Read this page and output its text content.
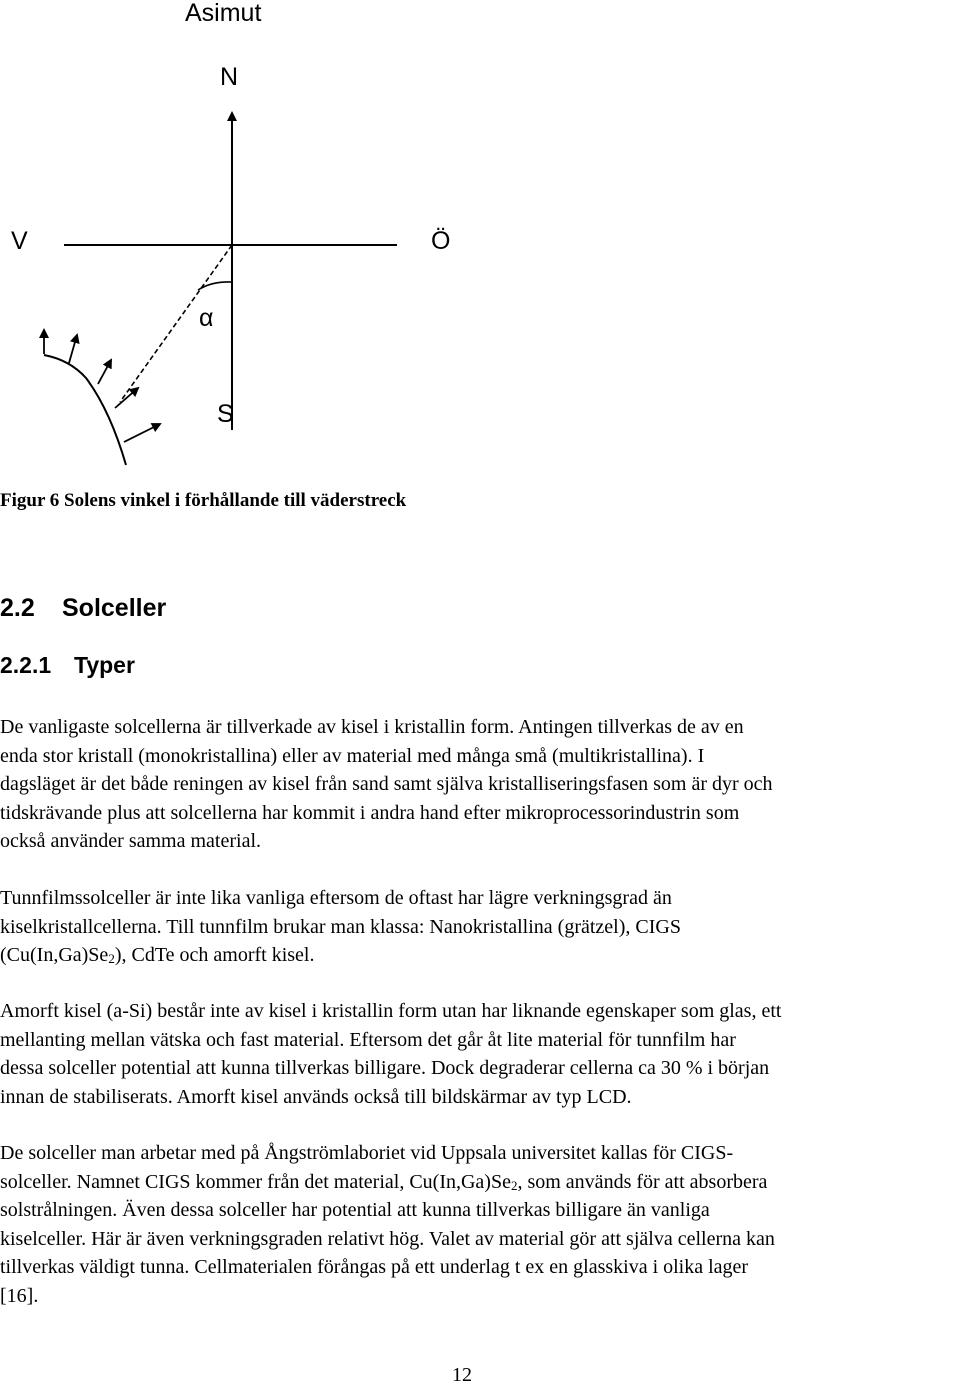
Asimut
N
V	Ö
α
S
Figur 6 Solens vinkel i förhållande till väderstreck
2.2 Solceller
2.2.1 Typer
De vanligaste solcellerna är tillverkade av kisel i kristallin form. Antingen tillverkas de av en
enda stor kristall (monokristallina) eller av material med många små (multikristallina). I
dagsläget är det både reningen av kisel från sand samt själva kristalliseringsfasen som är dyr och
tidskrävande plus att solcellerna har kommit i andra hand efter mikroprocessorindustrin som
också använder samma material.
Tunnfilmssolceller är inte lika vanliga eftersom de oftast har lägre verkningsgrad än
kiselkristallcellerna. Till tunnfilm brukar man klassa: Nanokristallina (grätzel), CIGS
$(Cu(In,Ga)Se_2)$, CdTe och amorft kisel.
Amorft kisel (a-Si) består inte av kisel i kristallin form utan har liknande egenskaper som glas, ett
mellanting mellan vätska och fast material. Eftersom det går åt lite material för tunnfilm har
dessa solceller potential att kunna tillverkas billigare. Dock degraderar cellerna ca 30 % i början
innan de stabiliserats. Amorft kisel används också till bildskärmar av typ LCD.
De solceller man arbetar med på Ångströmlaboriet vid Uppsala universitet kallas för CIGS-
solceller. Namnet CIGS kommer från det material, $Cu(In,Ga)Se_2$, som används för att absorbera
solstrålningen. Även dessa solceller har potential att kunna tillverkas billigare än vanliga
kiselceller. Här är även verkningsgraden relativt hög. Valet av material gör att själva cellerna kan
tillverkas väldigt tunna. Cellmaterialen förångas på ett underlag t ex en glasskiva i olika lager
[16].
12
